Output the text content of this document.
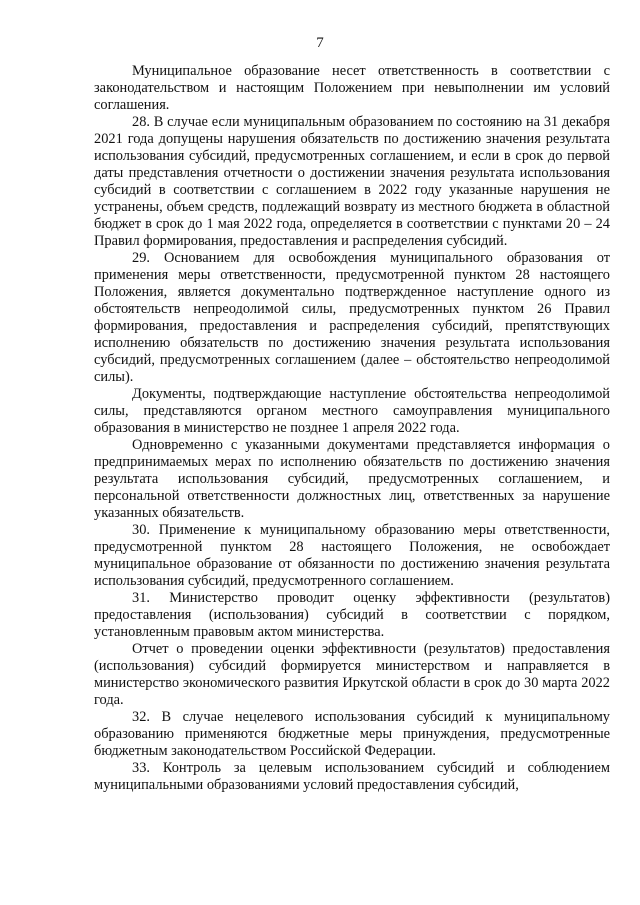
7

Муниципальное образование несет ответственность в соответствии с законодательством и настоящим Положением при невыполнении им условий соглашения.

28. В случае если муниципальным образованием по состоянию на 31 декабря 2021 года допущены нарушения обязательств по достижению значения результата использования субсидий, предусмотренных соглашением, и если в срок до первой даты представления отчетности о достижении значения результата использования субсидий в соответствии с соглашением в 2022 году указанные нарушения не устранены, объем средств, подлежащий возврату из местного бюджета в областной бюджет в срок до 1 мая 2022 года, определяется в соответствии с пунктами 20 – 24 Правил формирования, предоставления и распределения субсидий.

29. Основанием для освобождения муниципального образования от применения меры ответственности, предусмотренной пунктом 28 настоящего Положения, является документально подтвержденное наступление одного из обстоятельств непреодолимой силы, предусмотренных пунктом 26 Правил формирования, предоставления и распределения субсидий, препятствующих исполнению обязательств по достижению значения результата использования субсидий, предусмотренных соглашением (далее – обстоятельство непреодолимой силы).

Документы, подтверждающие наступление обстоятельства непреодолимой силы, представляются органом местного самоуправления муниципального образования в министерство не позднее 1 апреля 2022 года.

Одновременно с указанными документами представляется информация о предпринимаемых мерах по исполнению обязательств по достижению значения результата использования субсидий, предусмотренных соглашением, и персональной ответственности должностных лиц, ответственных за нарушение указанных обязательств.

30. Применение к муниципальному образованию меры ответственности, предусмотренной пунктом 28 настоящего Положения, не освобождает муниципальное образование от обязанности по достижению значения результата использования субсидий, предусмотренного соглашением.

31. Министерство проводит оценку эффективности (результатов) предоставления (использования) субсидий в соответствии с порядком, установленным правовым актом министерства.

Отчет о проведении оценки эффективности (результатов) предоставления (использования) субсидий формируется министерством и направляется в министерство экономического развития Иркутской области в срок до 30 марта 2022 года.

32. В случае нецелевого использования субсидий к муниципальному образованию применяются бюджетные меры принуждения, предусмотренные бюджетным законодательством Российской Федерации.

33. Контроль за целевым использованием субсидий и соблюдением муниципальными образованиями условий предоставления субсидий,
